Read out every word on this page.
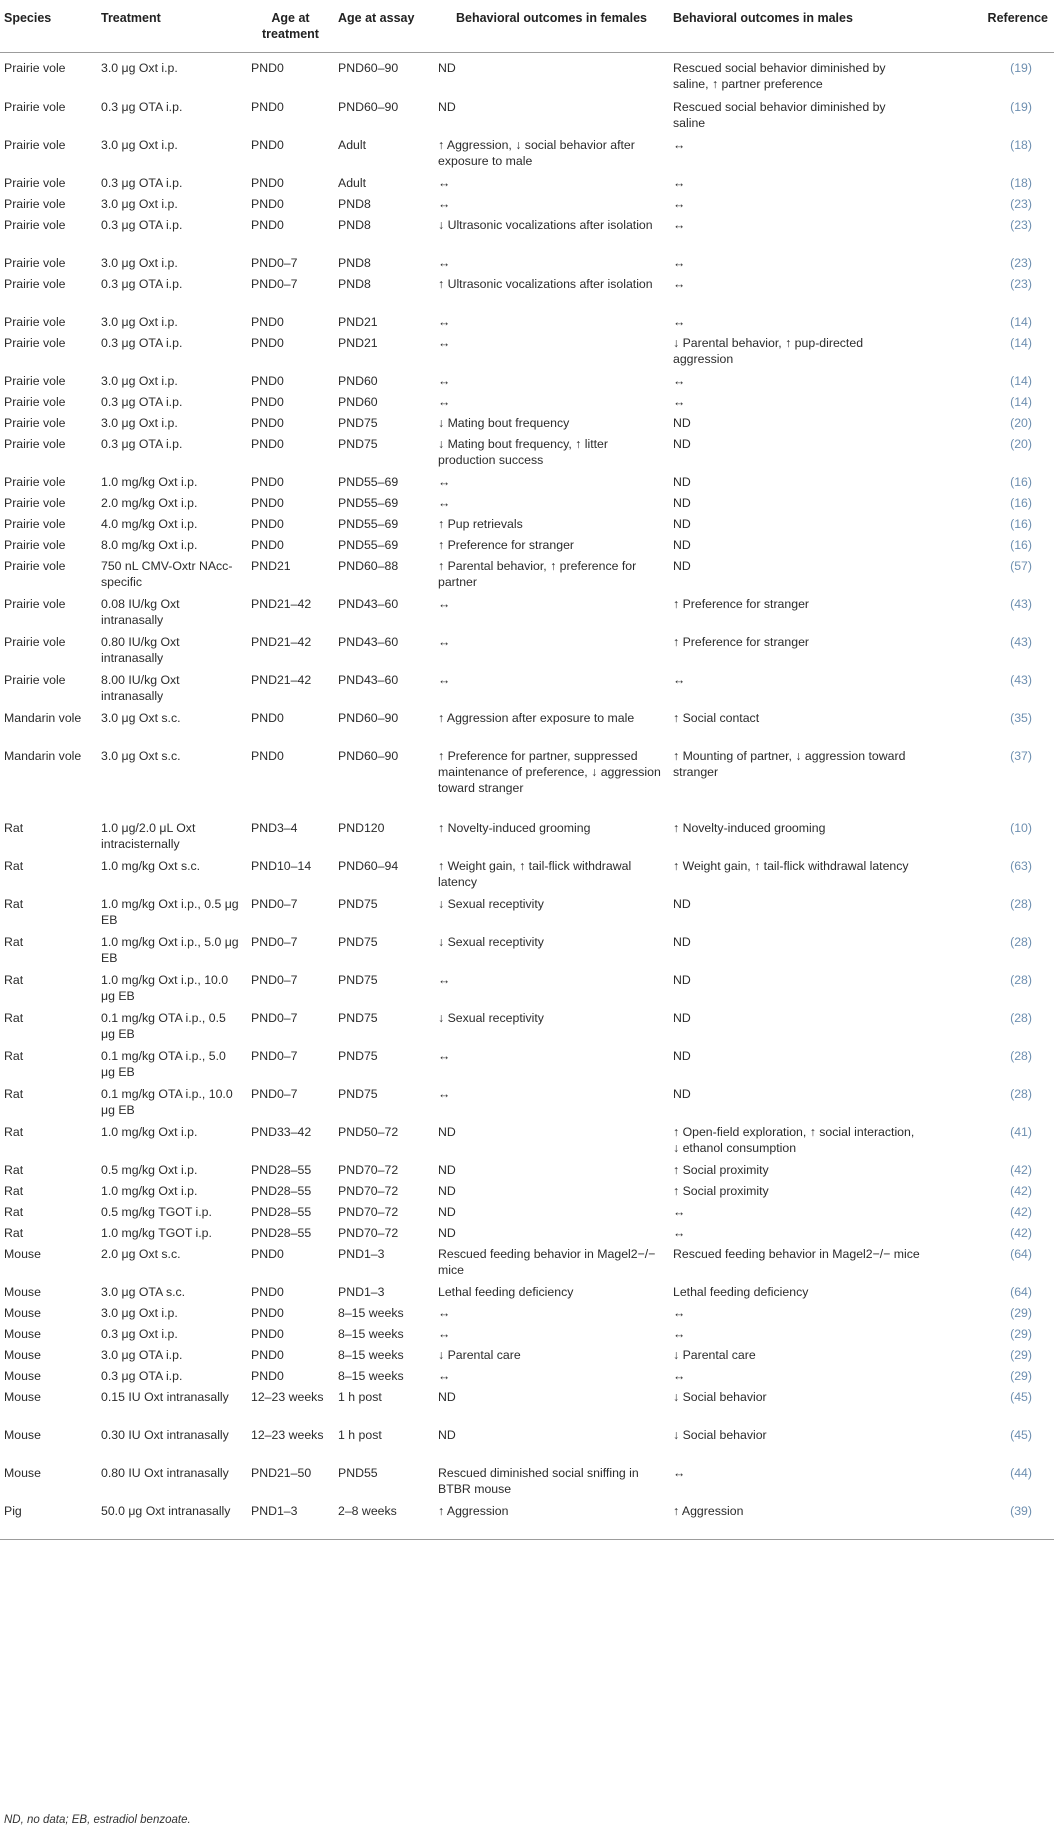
Species	Treatment	Age at treatment	Age at assay	Behavioral outcomes in females	Behavioral outcomes in males	Reference
Prairie vole	3.0 μg Oxt i.p.	PND0	PND60–90	ND	Rescued social behavior diminished by saline, ↑ partner preference	(19)
Prairie vole	0.3 μg OTA i.p.	PND0	PND60–90	ND	Rescued social behavior diminished by saline	(19)
Prairie vole	3.0 μg Oxt i.p.	PND0	Adult	↑ Aggression, ↓ social behavior after exposure to male	↔	(18)
Prairie vole	0.3 μg OTA i.p.	PND0	Adult	↔	↔	(18)
Prairie vole	3.0 μg Oxt i.p.	PND0	PND8	↔	↔	(23)
Prairie vole	0.3 μg OTA i.p.	PND0	PND8	↓ Ultrasonic vocalizations after isolation	↔	(23)
Prairie vole	3.0 μg Oxt i.p.	PND0–7	PND8	↔	↔	(23)
Prairie vole	0.3 μg OTA i.p.	PND0–7	PND8	↑ Ultrasonic vocalizations after isolation	↔	(23)
Prairie vole	3.0 μg Oxt i.p.	PND0	PND21	↔	↔	(14)
Prairie vole	0.3 μg OTA i.p.	PND0	PND21	↔	↓ Parental behavior, ↑ pup-directed aggression	(14)
Prairie vole	3.0 μg Oxt i.p.	PND0	PND60	↔	↔	(14)
Prairie vole	0.3 μg OTA i.p.	PND0	PND60	↔	↔	(14)
Prairie vole	3.0 μg Oxt i.p.	PND0	PND75	↓ Mating bout frequency	ND	(20)
Prairie vole	0.3 μg OTA i.p.	PND0	PND75	↓ Mating bout frequency, ↑ litter production success	ND	(20)
Prairie vole	1.0 mg/kg Oxt i.p.	PND0	PND55–69	↔	ND	(16)
Prairie vole	2.0 mg/kg Oxt i.p.	PND0	PND55–69	↔	ND	(16)
Prairie vole	4.0 mg/kg Oxt i.p.	PND0	PND55–69	↑ Pup retrievals	ND	(16)
Prairie vole	8.0 mg/kg Oxt i.p.	PND0	PND55–69	↑ Preference for stranger	ND	(16)
Prairie vole	750 nL CMV-Oxtr NAcc-specific	PND21	PND60–88	↑ Parental behavior, ↑ preference for partner	ND	(57)
Prairie vole	0.08 IU/kg Oxt intranasally	PND21–42	PND43–60	↔	↑ Preference for stranger	(43)
Prairie vole	0.80 IU/kg Oxt intranasally	PND21–42	PND43–60	↔	↑ Preference for stranger	(43)
Prairie vole	8.00 IU/kg Oxt intranasally	PND21–42	PND43–60	↔	↔	(43)
Mandarin vole	3.0 μg Oxt s.c.	PND0	PND60–90	↑ Aggression after exposure to male	↑ Social contact	(35)
Mandarin vole	3.0 μg Oxt s.c.	PND0	PND60–90	↑ Preference for partner, suppressed maintenance of preference, ↓ aggression toward stranger	↑ Mounting of partner, ↓ aggression toward stranger	(37)
Rat	1.0 μg/2.0 μL Oxt intracisternally	PND3–4	PND120	↑ Novelty-induced grooming	↑ Novelty-induced grooming	(10)
Rat	1.0 mg/kg Oxt s.c.	PND10–14	PND60–94	↑ Weight gain, ↑ tail-flick withdrawal latency	↑ Weight gain, ↑ tail-flick withdrawal latency	(63)
Rat	1.0 mg/kg Oxt i.p., 0.5 μg EB	PND0–7	PND75	↓ Sexual receptivity	ND	(28)
Rat	1.0 mg/kg Oxt i.p., 5.0 μg EB	PND0–7	PND75	↓ Sexual receptivity	ND	(28)
Rat	1.0 mg/kg Oxt i.p., 10.0 μg EB	PND0–7	PND75	↔	ND	(28)
Rat	0.1 mg/kg OTA i.p., 0.5 μg EB	PND0–7	PND75	↓ Sexual receptivity	ND	(28)
Rat	0.1 mg/kg OTA i.p., 5.0 μg EB	PND0–7	PND75	↔	ND	(28)
Rat	0.1 mg/kg OTA i.p., 10.0 μg EB	PND0–7	PND75	↔	ND	(28)
Rat	1.0 mg/kg Oxt i.p.	PND33–42	PND50–72	ND	↑ Open-field exploration, ↑ social interaction, ↓ ethanol consumption	(41)
Rat	0.5 mg/kg Oxt i.p.	PND28–55	PND70–72	ND	↑ Social proximity	(42)
Rat	1.0 mg/kg Oxt i.p.	PND28–55	PND70–72	ND	↑ Social proximity	(42)
Rat	0.5 mg/kg TGOT i.p.	PND28–55	PND70–72	ND	↔	(42)
Rat	1.0 mg/kg TGOT i.p.	PND28–55	PND70–72	ND	↔	(42)
Mouse	2.0 μg Oxt s.c.	PND0	PND1–3	Rescued feeding behavior in Magel2−/− mice	Rescued feeding behavior in Magel2−/− mice	(64)
Mouse	3.0 μg OTA s.c.	PND0	PND1–3	Lethal feeding deficiency	Lethal feeding deficiency	(64)
Mouse	3.0 μg Oxt i.p.	PND0	8–15 weeks	↔	↔	(29)
Mouse	0.3 μg Oxt i.p.	PND0	8–15 weeks	↔	↔	(29)
Mouse	3.0 μg OTA i.p.	PND0	8–15 weeks	↓ Parental care	↓ Parental care	(29)
Mouse	0.3 μg OTA i.p.	PND0	8–15 weeks	↔	↔	(29)
Mouse	0.15 IU Oxt intranasally	12–23 weeks	1 h post	ND	↓ Social behavior	(45)
Mouse	0.30 IU Oxt intranasally	12–23 weeks	1 h post	ND	↓ Social behavior	(45)
Mouse	0.80 IU Oxt intranasally	PND21–50	PND55	Rescued diminished social sniffing in BTBR mouse	↔	(44)
Pig	50.0 μg Oxt intranasally	PND1–3	2–8 weeks	↑ Aggression	↑ Aggression	(39)
ND, no data; EB, estradiol benzoate.
